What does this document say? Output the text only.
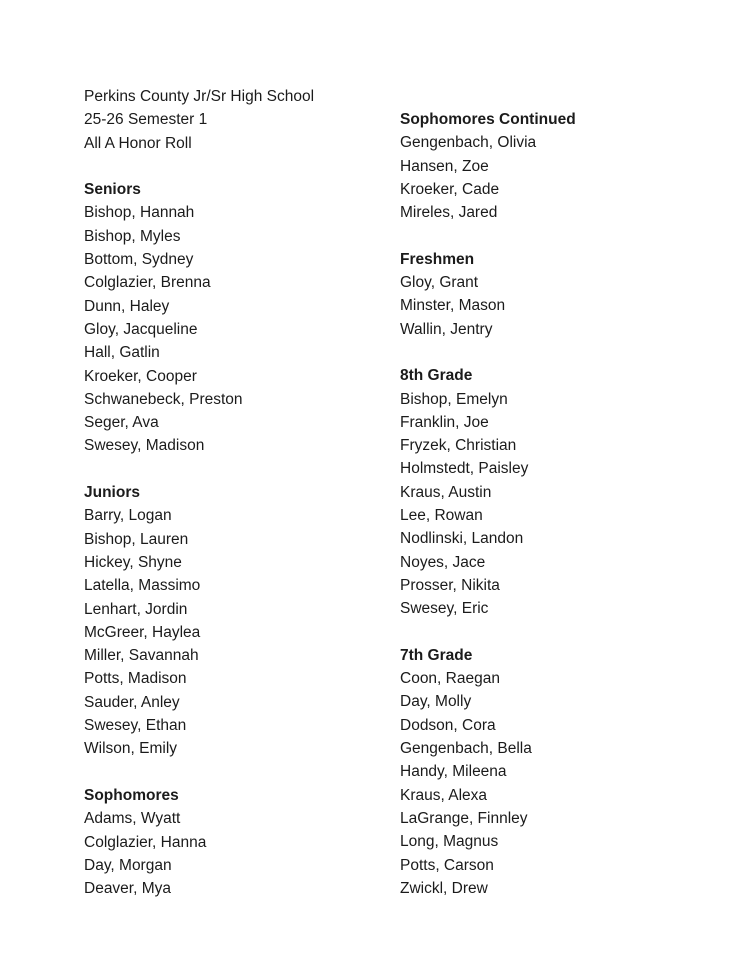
Perkins County Jr/Sr High School
25-26 Semester 1
All A Honor Roll
Seniors
Bishop, Hannah
Bishop, Myles
Bottom, Sydney
Colglazier, Brenna
Dunn, Haley
Gloy, Jacqueline
Hall, Gatlin
Kroeker, Cooper
Schwanebeck, Preston
Seger, Ava
Swesey, Madison
Juniors
Barry, Logan
Bishop, Lauren
Hickey, Shyne
Latella, Massimo
Lenhart, Jordin
McGreer, Haylea
Miller, Savannah
Potts, Madison
Sauder, Anley
Swesey, Ethan
Wilson, Emily
Sophomores
Adams, Wyatt
Colglazier, Hanna
Day, Morgan
Deaver, Mya
Sophomores Continued
Gengenbach, Olivia
Hansen, Zoe
Kroeker, Cade
Mireles, Jared
Freshmen
Gloy, Grant
Minster, Mason
Wallin, Jentry
8th Grade
Bishop, Emelyn
Franklin, Joe
Fryzek, Christian
Holmstedt, Paisley
Kraus, Austin
Lee, Rowan
Nodlinski, Landon
Noyes, Jace
Prosser, Nikita
Swesey, Eric
7th Grade
Coon, Raegan
Day, Molly
Dodson, Cora
Gengenbach, Bella
Handy, Mileena
Kraus, Alexa
LaGrange, Finnley
Long, Magnus
Potts, Carson
Zwickl, Drew
